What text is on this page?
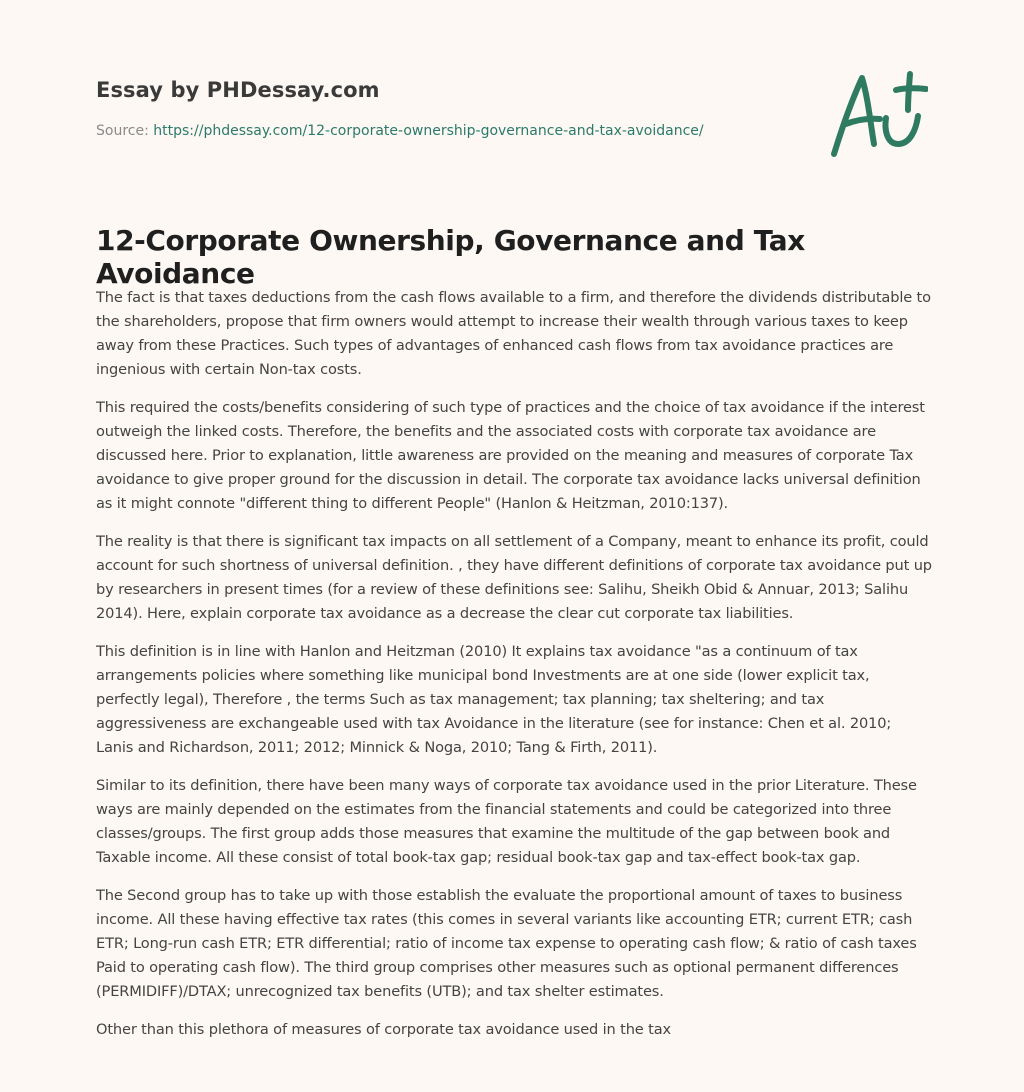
Essay by PHDessay.com
Source: https://phdessay.com/12-corporate-ownership-governance-and-tax-avoidance/
12-Corporate Ownership, Governance and Tax Avoidance

The fact is that taxes deductions from the cash flows available to a firm, and therefore the dividends distributable to the shareholders, propose that firm owners would attempt to increase their wealth through various taxes to keep away from these Practices. Such types of advantages of enhanced cash flows from tax avoidance practices are ingenious with certain Non-tax costs.

This required the costs/benefits considering of such type of practices and the choice of tax avoidance if the interest outweigh the linked costs. Therefore, the benefits and the associated costs with corporate tax avoidance are discussed here. Prior to explanation, little awareness are provided on the meaning and measures of corporate Tax avoidance to give proper ground for the discussion in detail. The corporate tax avoidance lacks universal definition as it might connote "different thing to different People" (Hanlon & Heitzman, 2010:137).

The reality is that there is significant tax impacts on all settlement of a Company, meant to enhance its profit, could account for such shortness of universal definition. , they have different definitions of corporate tax avoidance put up by researchers in present times (for a review of these definitions see: Salihu, Sheikh Obid & Annuar, 2013; Salihu 2014). Here, explain corporate tax avoidance as a decrease the clear cut corporate tax liabilities.

This definition is in line with Hanlon and Heitzman (2010) It explains tax avoidance "as a continuum of tax arrangements policies where something like municipal bond Investments are at one side (lower explicit tax, perfectly legal), Therefore , the terms Such as tax management; tax planning; tax sheltering; and tax aggressiveness are exchangeable used with tax Avoidance in the literature (see for instance: Chen et al. 2010; Lanis and Richardson, 2011; 2012; Minnick & Noga, 2010; Tang & Firth, 2011).

Similar to its definition, there have been many ways of corporate tax avoidance used in the prior Literature. These ways are mainly depended on the estimates from the financial statements and could be categorized into three classes/groups. The first group adds those measures that examine the multitude of the gap between book and Taxable income. All these consist of total book-tax gap; residual book-tax gap and tax-effect book-tax gap.

The Second group has to take up with those establish the evaluate the proportional amount of taxes to business income. All these having effective tax rates (this comes in several variants like accounting ETR; current ETR; cash ETR; Long-run cash ETR; ETR differential; ratio of income tax expense to operating cash flow; & ratio of cash taxes Paid to operating cash flow). The third group comprises other measures such as optional permanent differences (PERMIDIFF)/DTAX; unrecognized tax benefits (UTB); and tax shelter estimates.

Other than this plethora of measures of corporate tax avoidance used in the tax
